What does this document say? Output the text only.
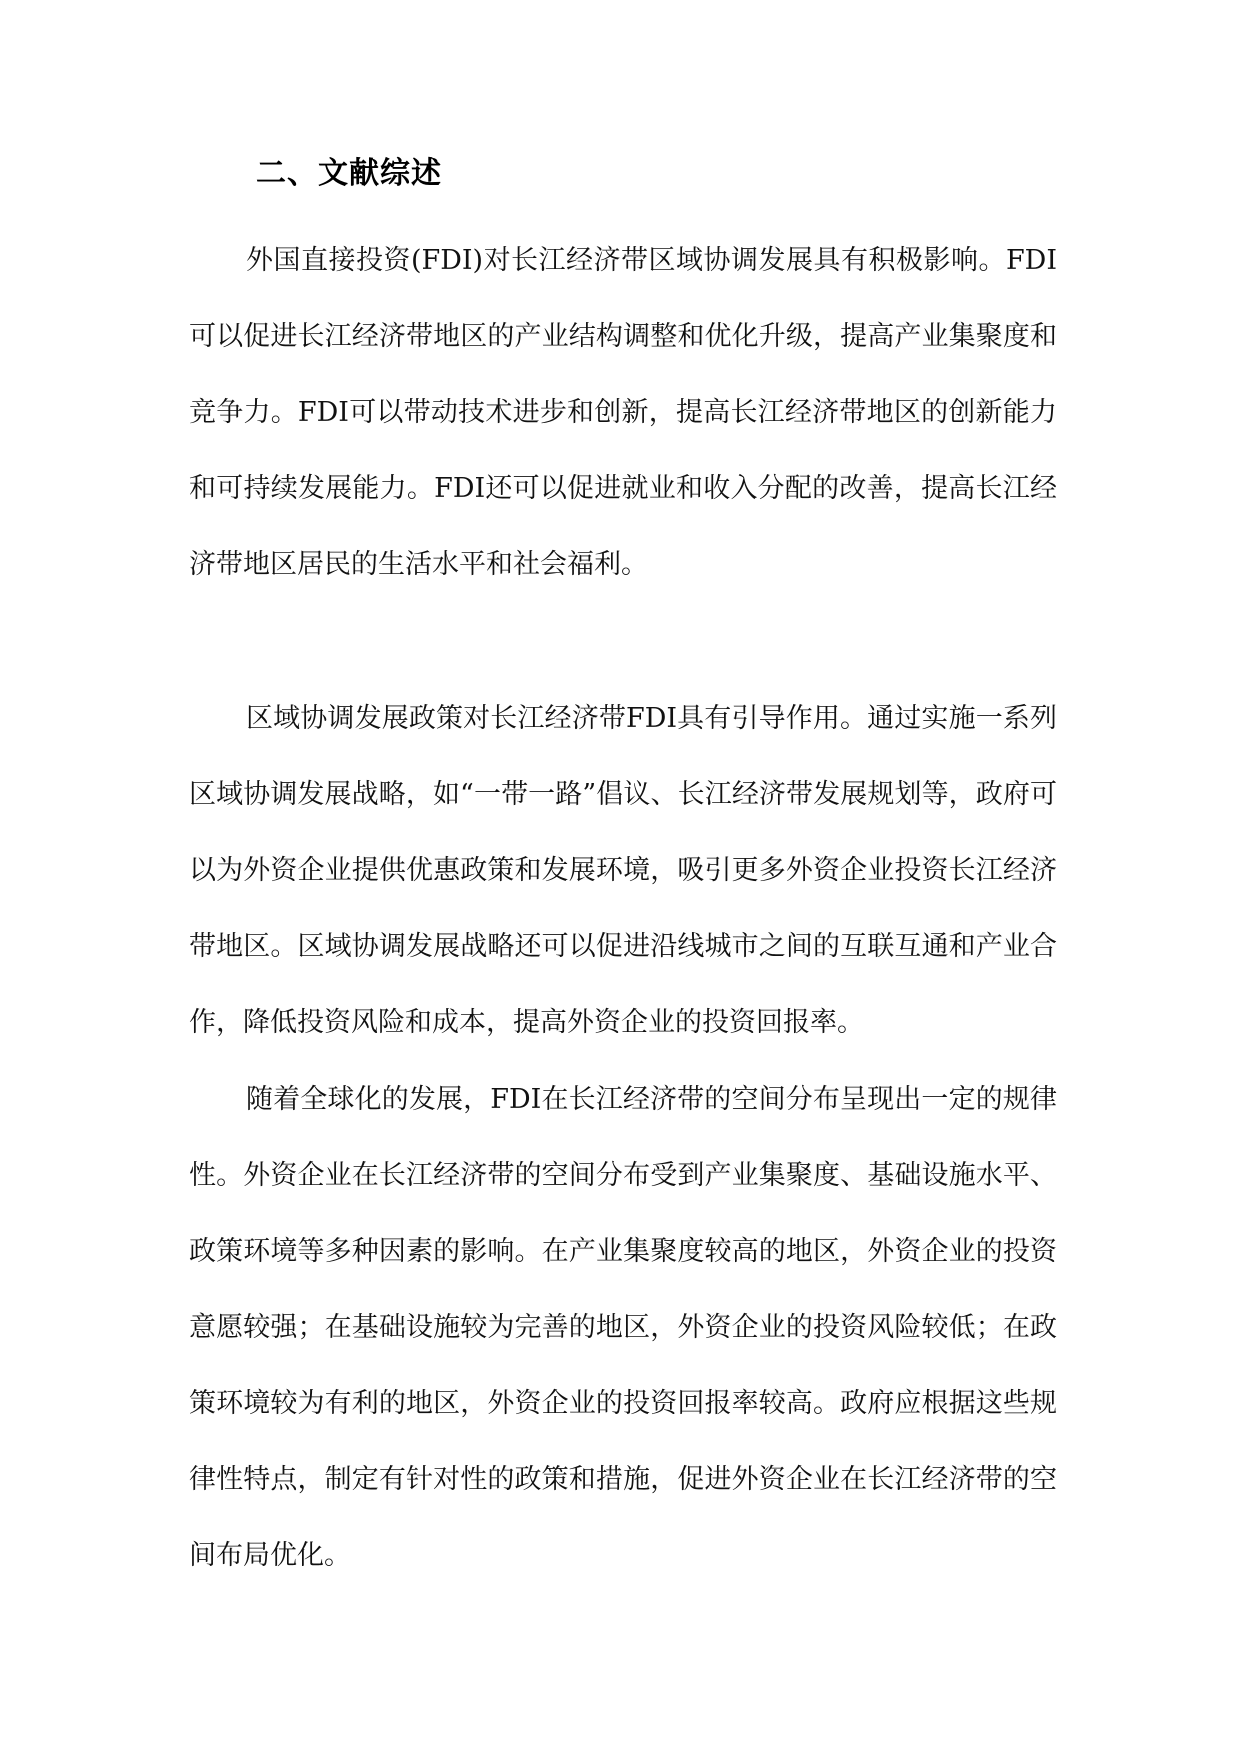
二、文献综述

外国直接投资(FDI)对长江经济带区域协调发展具有积极影响。FDI可以促进长江经济带地区的产业结构调整和优化升级，提高产业集聚度和竞争力。FDI可以带动技术进步和创新，提高长江经济带地区的创新能力和可持续发展能力。FDI还可以促进就业和收入分配的改善，提高长江经济带地区居民的生活水平和社会福利。

区域协调发展政策对长江经济带FDI具有引导作用。通过实施一系列区域协调发展战略，如“一带一路”倡议、长江经济带发展规划等，政府可以为外资企业提供优惠政策和发展环境，吸引更多外资企业投资长江经济带地区。区域协调发展战略还可以促进沿线城市之间的互联互通和产业合作，降低投资风险和成本，提高外资企业的投资回报率。

随着全球化的发展，FDI在长江经济带的空间分布呈现出一定的规律性。外资企业在长江经济带的空间分布受到产业集聚度、基础设施水平、政策环境等多种因素的影响。在产业集聚度较高的地区，外资企业的投资意愿较强；在基础设施较为完善的地区，外资企业的投资风险较低；在政策环境较为有利的地区，外资企业的投资回报率较高。政府应根据这些规律性特点，制定有针对性的政策和措施，促进外资企业在长江经济带的空间布局优化。
